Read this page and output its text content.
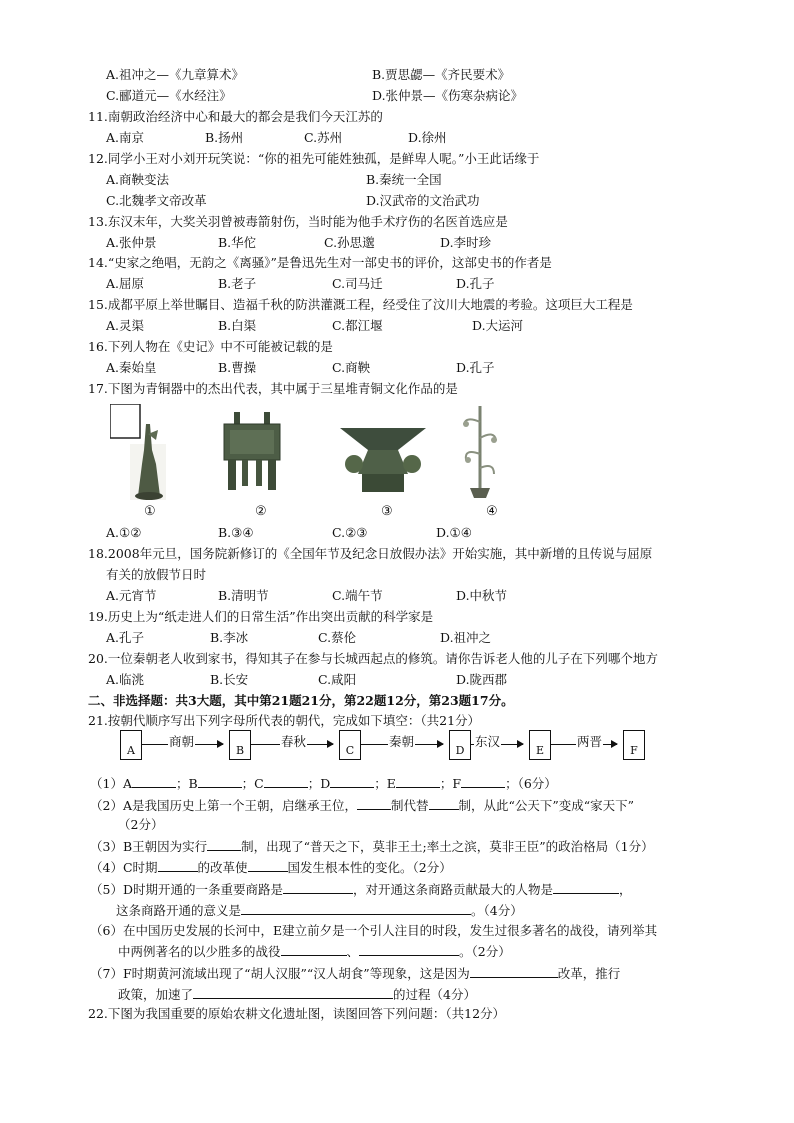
A.祖冲之—《九章算术》	B.贾思勰—《齐民要术》
C.郦道元—《水经注》	D.张仲景—《伤寒杂病论》
11.南朝政治经济中心和最大的都会是我们今天江苏的
A.南京	B.扬州	C.苏州	D.徐州
12.同学小王对小刘开玩笑说：“你的祖先可能姓独孤，是鲜卑人呢。”小王此话缘于
A.商鞅变法	B.秦统一全国
C.北魏孝文帝改革	D.汉武帝的文治武功
13.东汉末年，大奖关羽曾被毒箭射伤，当时能为他手术疗伤的名医首选应是
A.张仲景	B.华佗	C.孙思邈	D.李时珍
14.“史家之绝唱，无韵之《离骚》”是鲁迅先生对一部史书的评价，这部史书的作者是
A.屈原	B.老子	C.司马迁	D.孔子
15.成都平原上举世瞩目、造福千秋的防洪灌溉工程，经受住了汶川大地震的考验。这项巨大工程是
A.灵渠	B.白渠	C.都江堰	D.大运河
16.下列人物在《史记》中不可能被记载的是
A.秦始皇	B.曹操	C.商鞅	D.孔子
17.下图为青铜器中的杰出代表，其中属于三星堆青铜文化作品的是
①	②	③	④
A.①②	B.③④	C.②③	D.①④
18.2008年元旦，国务院新修订的《全国年节及纪念日放假办法》开始实施，其中新增的且传说与屈原
有关的放假节日时
A.元宵节	B.清明节	C.端午节	D.中秋节
19.历史上为“纸走进人们的日常生活”作出突出贡献的科学家是
A.孔子	B.李冰	C.蔡伦	D.祖冲之
20.一位秦朝老人收到家书，得知其子在参与长城西起点的修筑。请你告诉老人他的儿子在下列哪个地方
A.临洮	B.长安	C.咸阳	D.陇西郡
二、非选择题：共3大题，其中第21题21分，第22题12分，第23题17分。
21.按朝代顺序写出下列字母所代表的朝代，完成如下填空：（共21分）
A	B	C	D	E	F
商朝	春秋	秦朝	东汉	两晋
（1）A	；B	；C	；D	；E	；F	；（6分）
（2）A是我国历史上第一个王朝，启继承王位，	制代替 制，从此“公天下”变成“家天下”
（2分）
（3）B王朝因为实行	制，出现了“普天之下，莫非王土;率土之滨，莫非王臣”的政治格局（1分）
（4）C时期	的改革使	国发生根本性的变化。（2分）
（5）D时期开通的一条重要商路是	，对开通这条商路贡献最大的人物是	，
这条商路开通的意义是	。（4分）
（6）在中国历史发展的长河中，E建立前夕是一个引人注目的时段，发生过很多著名的战役，请列举其
中两例著名的以少胜多的战役	、	。（2分）
（7）F时期黄河流域出现了“胡人汉服”“汉人胡食”等现象，这是因为	改革，推行
政策，加速了	的过程（4分）
22.下图为我国重要的原始农耕文化遗址图，读图回答下列问题：（共12分）
